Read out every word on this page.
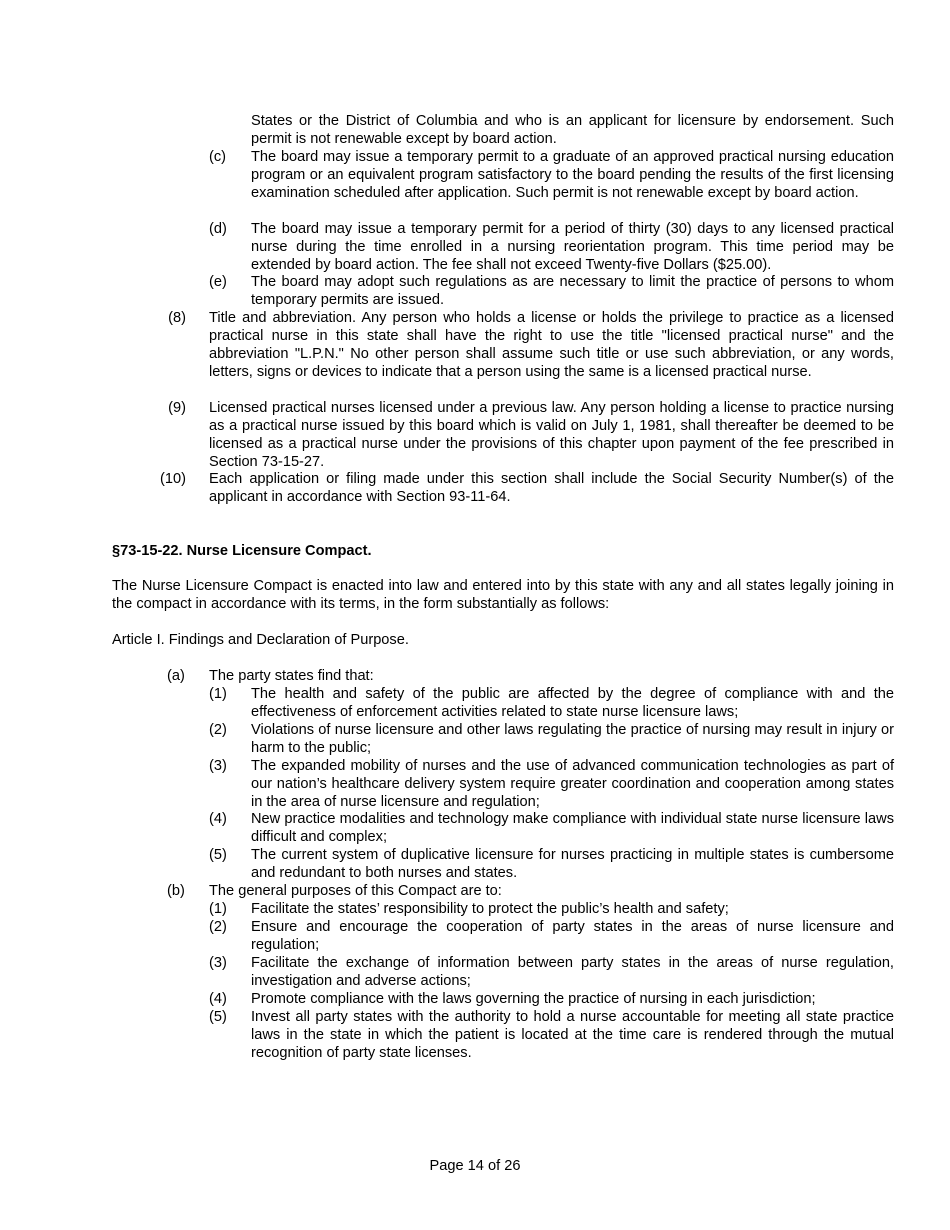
States or the District of Columbia and who is an applicant for licensure by endorsement. Such permit is not renewable except by board action.
(c) The board may issue a temporary permit to a graduate of an approved practical nursing education program or an equivalent program satisfactory to the board pending the results of the first licensing examination scheduled after application. Such permit is not renewable except by board action.
(d) The board may issue a temporary permit for a period of thirty (30) days to any licensed practical nurse during the time enrolled in a nursing reorientation program. This time period may be extended by board action. The fee shall not exceed Twenty-five Dollars ($25.00).
(e) The board may adopt such regulations as are necessary to limit the practice of persons to whom temporary permits are issued.
(8) Title and abbreviation. Any person who holds a license or holds the privilege to practice as a licensed practical nurse in this state shall have the right to use the title "licensed practical nurse" and the abbreviation "L.P.N." No other person shall assume such title or use such abbreviation, or any words, letters, signs or devices to indicate that a person using the same is a licensed practical nurse.
(9) Licensed practical nurses licensed under a previous law. Any person holding a license to practice nursing as a practical nurse issued by this board which is valid on July 1, 1981, shall thereafter be deemed to be licensed as a practical nurse under the provisions of this chapter upon payment of the fee prescribed in Section 73-15-27.
(10) Each application or filing made under this section shall include the Social Security Number(s) of the applicant in accordance with Section 93-11-64.
§73-15-22. Nurse Licensure Compact.
The Nurse Licensure Compact is enacted into law and entered into by this state with any and all states legally joining in the compact in accordance with its terms, in the form substantially as follows:
Article I. Findings and Declaration of Purpose.
(a) The party states find that:
(1) The health and safety of the public are affected by the degree of compliance with and the effectiveness of enforcement activities related to state nurse licensure laws;
(2) Violations of nurse licensure and other laws regulating the practice of nursing may result in injury or harm to the public;
(3) The expanded mobility of nurses and the use of advanced communication technologies as part of our nation’s healthcare delivery system require greater coordination and cooperation among states in the area of nurse licensure and regulation;
(4) New practice modalities and technology make compliance with individual state nurse licensure laws difficult and complex;
(5) The current system of duplicative licensure for nurses practicing in multiple states is cumbersome and redundant to both nurses and states.
(b) The general purposes of this Compact are to:
(1) Facilitate the states’ responsibility to protect the public’s health and safety;
(2) Ensure and encourage the cooperation of party states in the areas of nurse licensure and regulation;
(3) Facilitate the exchange of information between party states in the areas of nurse regulation, investigation and adverse actions;
(4) Promote compliance with the laws governing the practice of nursing in each jurisdiction;
(5) Invest all party states with the authority to hold a nurse accountable for meeting all state practice laws in the state in which the patient is located at the time care is rendered through the mutual recognition of party state licenses.
Page 14 of 26
